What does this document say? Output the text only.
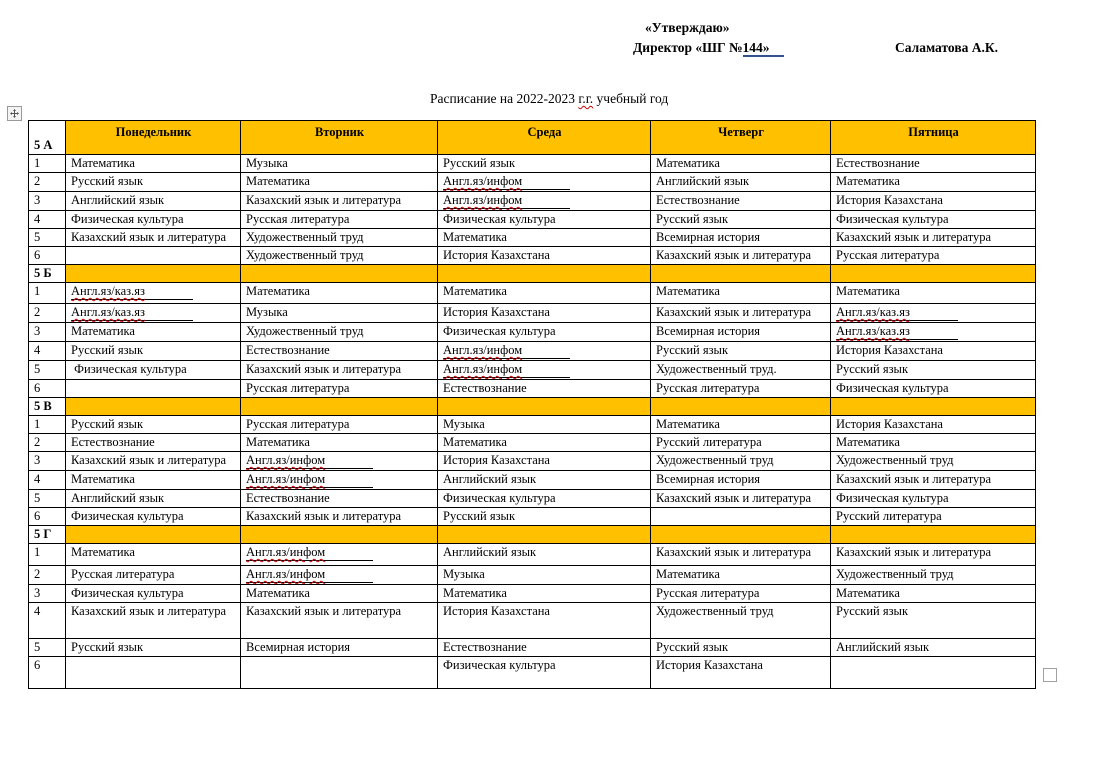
«Утверждаю»
Директор «ШГ №144»	Саламатова А.К.
Расписание на 2022-2023 г.г. учебный год
5 А	Понедельник	Вторник	Среда	Четверг	Пятница
1	Математика	Музыка	Русский язык	Математика	Естествознание
2	Русский язык	Математика	Англ.яз/инфом	Английский язык	Математика
3	Английский язык	Казахский язык и литература	Англ.яз/инфом	Естествознание	История Казахстана
4	Физическая культура	Русская литература	Физическая культура	Русский язык	Физическая культура
5	Казахский язык и литература	Художественный труд	Математика	Всемирная история	Казахский язык и литература
6		Художественный труд	История Казахстана	Казахский язык и литература	Русская литература
5 Б					
1	Англ.яз/каз.яз	Математика	Математика	Математика	Математика
2	Англ.яз/каз.яз	Музыка	История Казахстана	Казахский язык и литература	Англ.яз/каз.яз
3	Математика	Художественный труд	Физическая культура	Всемирная история	Англ.яз/каз.яз
4	Русский язык	Естествознание	Англ.яз/инфом	Русский язык	История Казахстана
5	Физическая культура	Казахский язык и литература	Англ.яз/инфом	Художественный труд.	Русский язык
6		Русская литература	Естествознание	Русская литература	Физическая культура
5 В					
1	Русский язык	Русская литература	Музыка	Математика	История Казахстана
2	Естествознание	Математика	Математика	Русский литература	Математика
3	Казахский язык и литература	Англ.яз/инфом	История Казахстана	Художественный труд	Художественный труд
4	Математика	Англ.яз/инфом	Английский язык	Всемирная история	Казахский язык и литература
5	Английский язык	Естествознание	Физическая культура	Казахский язык и литература	Физическая культура
6	Физическая культура	Казахский язык и литература	Русский язык		Русский литература
5 Г					
1	Математика	Англ.яз/инфом	Английский язык	Казахский язык и литература	Казахский язык и литература
2	Русская литература	Англ.яз/инфом	Музыка	Математика	Художественный труд
3	Физическая культура	Математика	Математика	Русская литература	Математика
4	Казахский язык и литература	Казахский язык и литература	История Казахстана	Художественный труд	Русский язык
5	Русский язык	Всемирная история	Естествознание	Русский язык	Английский язык
6			Физическая культура	История Казахстана	
